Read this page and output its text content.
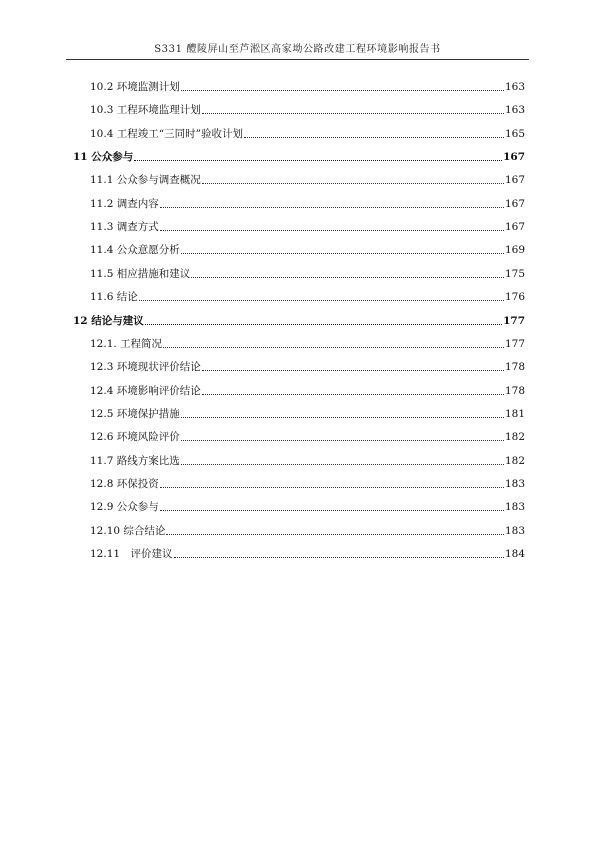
S331 醴陵屏山至芦淞区高家坳公路改建工程环境影响报告书
10.2 环境监测计划	163
10.3 工程环境监理计划	163
10.4 工程竣工“三同时”验收计划	165
11 公众参与	167
11.1 公众参与调查概况	167
11.2 调查内容	167
11.3 调查方式	167
11.4 公众意愿分析	169
11.5 相应措施和建议	175
11.6 结论	176
12 结论与建议	177
12.1. 工程简况	177
12.3 环境现状评价结论	178
12.4 环境影响评价结论	178
12.5 环境保护措施	181
12.6 环境风险评价	182
11.7 路线方案比选	182
12.8 环保投资	183
12.9 公众参与	183
12.10 综合结论	183
12.11　评价建议	184
